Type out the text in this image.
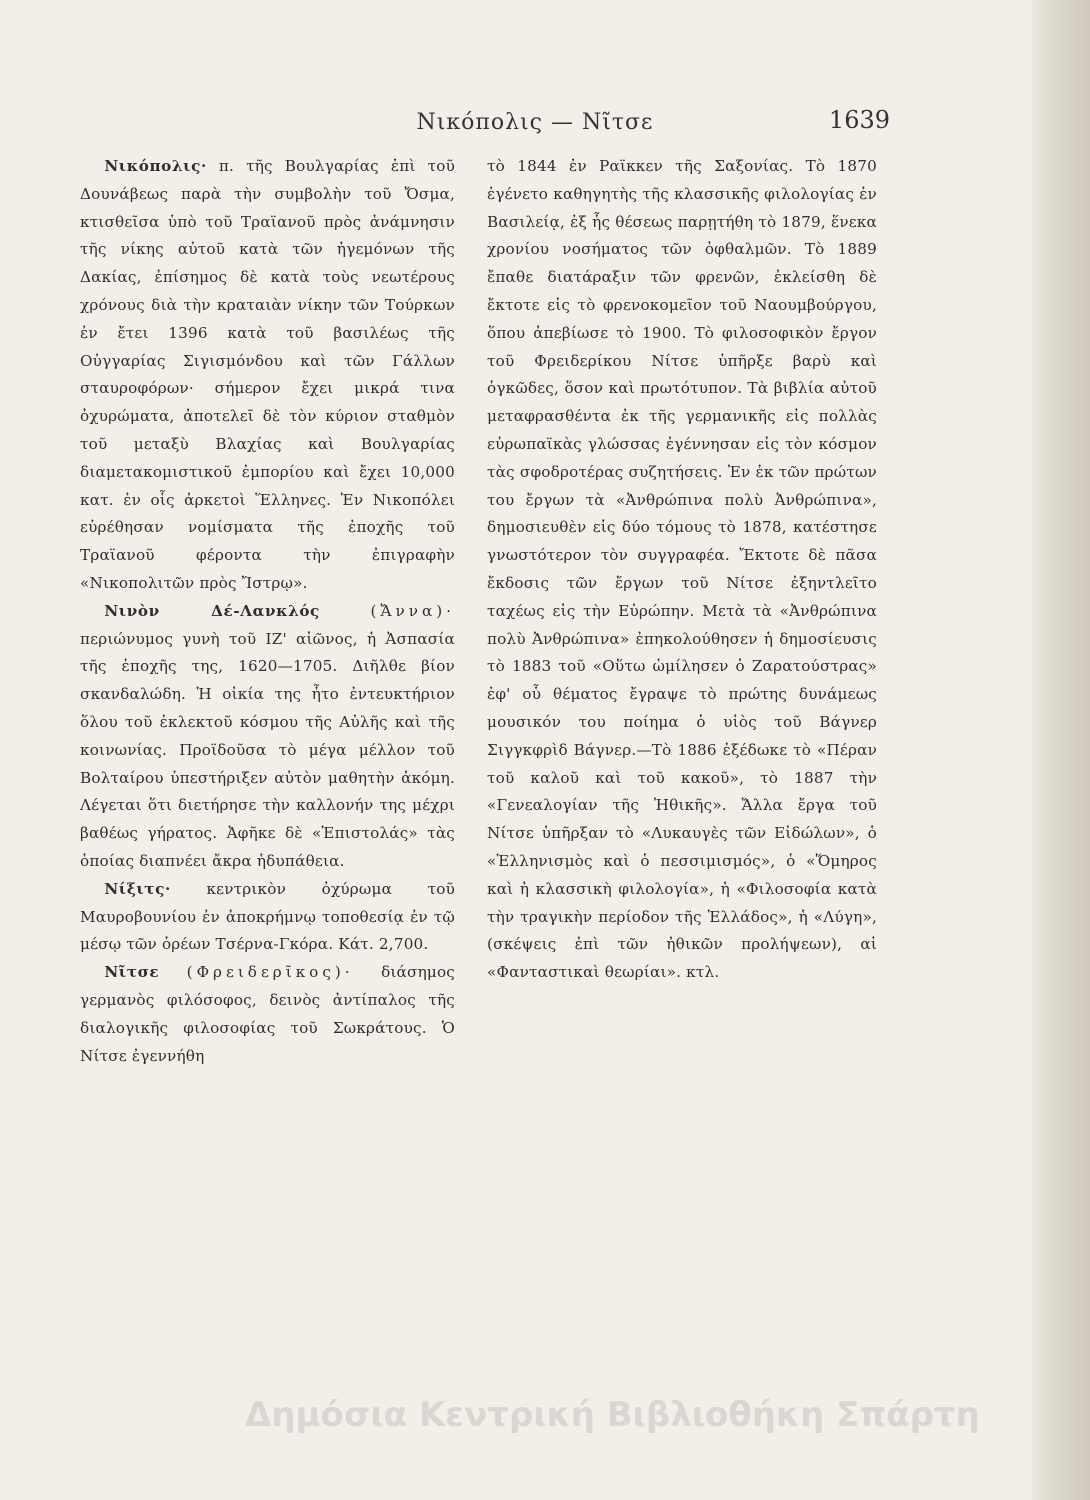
Νικόπολις — Νῖτσε	1639

Νικόπολις· π. τῆς Βουλγαρίας ἐπὶ τοῦ Δουνάβεως παρὰ τὴν συμβολὴν τοῦ Ὄσμα, κτισθεῖσα ὑπὸ τοῦ Τραϊανοῦ πρὸς ἀνάμνησιν τῆς νίκης αὐτοῦ κατὰ τῶν ἡγεμόνων τῆς Δακίας, ἐπίσημος δὲ κατὰ τοὺς νεωτέρους χρόνους διὰ τὴν κραταιὰν νίκην τῶν Τούρκων ἐν ἔτει 1396 κατὰ τοῦ βασιλέως τῆς Οὐγγαρίας Σιγισμόνδου καὶ τῶν Γάλλων σταυροφόρων· σήμερον ἔχει μικρά τινα ὀχυρώματα, ἀποτελεῖ δὲ τὸν κύριον σταθμὸν τοῦ μεταξὺ Βλαχίας καὶ Βουλγαρίας διαμετακομιστικοῦ ἐμπορίου καὶ ἔχει 10,000 κατ. ἐν οἷς ἀρκετοὶ Ἕλληνες. Ἐν Νικοπόλει εὑρέθησαν νομίσματα τῆς ἐποχῆς τοῦ Τραϊανοῦ φέροντα τὴν ἐπιγραφὴν «Νικοπολιτῶν πρὸς Ἴστρῳ».

Νινὸν Δέ-Λανκλός	(Ἄννα)· περιώνυμος γυνὴ τοῦ ΙΖ' αἰῶνος, ἡ Ἀσπασία τῆς ἐποχῆς της, 1620—1705. Διῆλθε βίον σκανδαλώδη. Ἡ οἰκία της ἦτο ἐντευκτήριον ὅλου τοῦ ἐκλεκτοῦ κόσμου τῆς Αὐλῆς καὶ τῆς κοινωνίας. Προϊδοῦσα τὸ μέγα μέλλον τοῦ Βολταίρου ὑπεστήριξεν αὐτὸν μαθητὴν ἀκόμη. Λέγεται ὅτι διετήρησε τὴν καλλονήν της μέχρι βαθέως γήρατος. Ἀφῆκε δὲ «Ἐπιστολάς» τὰς ὁποίας διαπνέει ἄκρα ἡδυπάθεια.

Νίξιτς· κεντρικὸν ὀχύρωμα τοῦ Μαυροβουνίου ἐν ἀποκρήμνῳ τοποθεσίᾳ ἐν τῷ μέσῳ τῶν ὀρέων Τσέρνα-Γκόρα. Κάτ. 2,700.

Νῖτσε (Φρειδερῖκος)· διάσημος γερμανὸς φιλόσοφος, δεινὸς ἀντίπαλος τῆς διαλογικῆς φιλοσοφίας τοῦ Σωκράτους. Ὁ Νίτσε ἐγεννήθη

τὸ 1844 ἐν Ραϊκκεν τῆς Σαξονίας. Τὸ 1870 ἐγένετο καθηγητὴς τῆς κλασσικῆς φιλολογίας ἐν Βασιλείᾳ, ἐξ ἧς θέσεως παρῃτήθη τὸ 1879, ἕνεκα χρονίου νοσήματος τῶν ὀφθαλμῶν. Τὸ 1889 ἔπαθε διατάραξιν τῶν φρενῶν, ἐκλείσθη δὲ ἔκτοτε εἰς τὸ φρενοκομεῖον τοῦ Ναουμβούργου, ὅπου ἀπεβίωσε τὸ 1900. Τὸ φιλοσοφικὸν ἔργον τοῦ Φρειδερίκου Νίτσε ὑπῆρξε βαρὺ καὶ ὀγκῶδες, ὅσον καὶ πρωτότυπον. Τὰ βιβλία αὐτοῦ μεταφρασθέντα ἐκ τῆς γερμανικῆς εἰς πολλὰς εὐρωπαϊκὰς γλώσσας ἐγέννησαν εἰς τὸν κόσμον τὰς σφοδροτέρας συζητήσεις. Ἐν ἐκ τῶν πρώτων του ἔργων τὰ «Ἀνθρώπινα πολὺ Ἀνθρώπινα», δημοσιευθὲν εἰς δύο τόμους τὸ 1878, κατέστησε γνωστότερον τὸν συγγραφέα. Ἔκτοτε δὲ πᾶσα ἔκδοσις τῶν ἔργων τοῦ Νίτσε ἐξηντλεῖτο ταχέως εἰς τὴν Εὐρώπην. Μετὰ τὰ «Ἀνθρώπινα πολὺ Ἀνθρώπινα» ἐπηκολούθησεν ἡ δημοσίευσις τὸ 1883 τοῦ «Οὕτω ὡμίλησεν ὁ Ζαρατούστρας» ἐφ' οὗ θέματος ἔγραψε τὸ πρώτης δυνάμεως μουσικόν του ποίημα ὁ υἱὸς τοῦ Βάγνερ Σιγγκφρὶδ Βάγνερ.—Τὸ 1886 ἐξέδωκε τὸ «Πέραν τοῦ καλοῦ καὶ τοῦ κακοῦ», τὸ 1887 τὴν «Γενεαλογίαν τῆς Ἠθικῆς». Ἄλλα ἔργα τοῦ Νίτσε ὑπῆρξαν τὸ «Λυκαυγὲς τῶν Εἰδώλων», ὁ «Ἑλληνισμὸς καὶ ὁ πεσσιμισμός», ὁ «Ὅμηρος καὶ ἡ κλασσικὴ φιλολογία», ἡ «Φιλοσοφία κατὰ τὴν τραγικὴν περίοδον τῆς Ἑλλάδος», ἡ «Λύγη», (σκέψεις ἐπὶ τῶν ἠθικῶν προλήψεων), αἱ «Φανταστικαὶ θεωρίαι». κτλ.

Δημόσια Κεντρική Βιβλιοθήκη Σπάρτη
